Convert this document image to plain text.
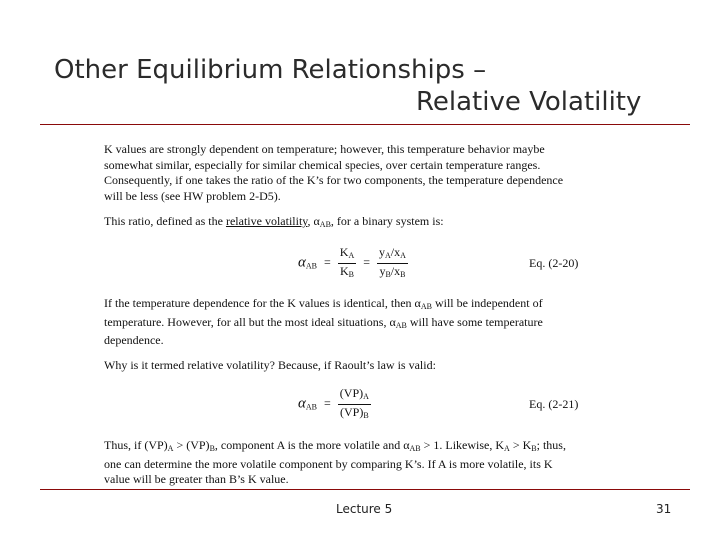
Other Equilibrium Relationships –
Relative Volatility
K values are strongly dependent on temperature; however, this temperature behavior maybe
somewhat similar, especially for similar chemical species, over certain temperature ranges.
Consequently, if one takes the ratio of the K’s for two components, the temperature dependence
will be less (see HW problem 2-D5).
This ratio, defined as the relative volatility, $\alpha_{AB}$, for a binary system is:
$\alpha_{AB} = \frac{K_A}{K_B} = \frac{y_A/x_A}{y_B/x_B}$	Eq. (2-20)
If the temperature dependence for the K values is identical, then $\alpha_{AB}$ will be independent of
temperature. However, for all but the most ideal situations, $\alpha_{AB}$ will have some temperature
dependence.
Why is it termed relative volatility? Because, if Raoult’s law is valid:
$\alpha_{AB} = \frac{(VP)_A}{(VP)_B}$	Eq. (2-21)
Thus, if $(VP)_A > (VP)_B$, component A is the more volatile and $\alpha_{AB} > 1$. Likewise, $K_A > K_B$; thus,
one can determine the more volatile component by comparing K’s. If A is more volatile, its K
value will be greater than B’s K value.
Lecture 5	31
